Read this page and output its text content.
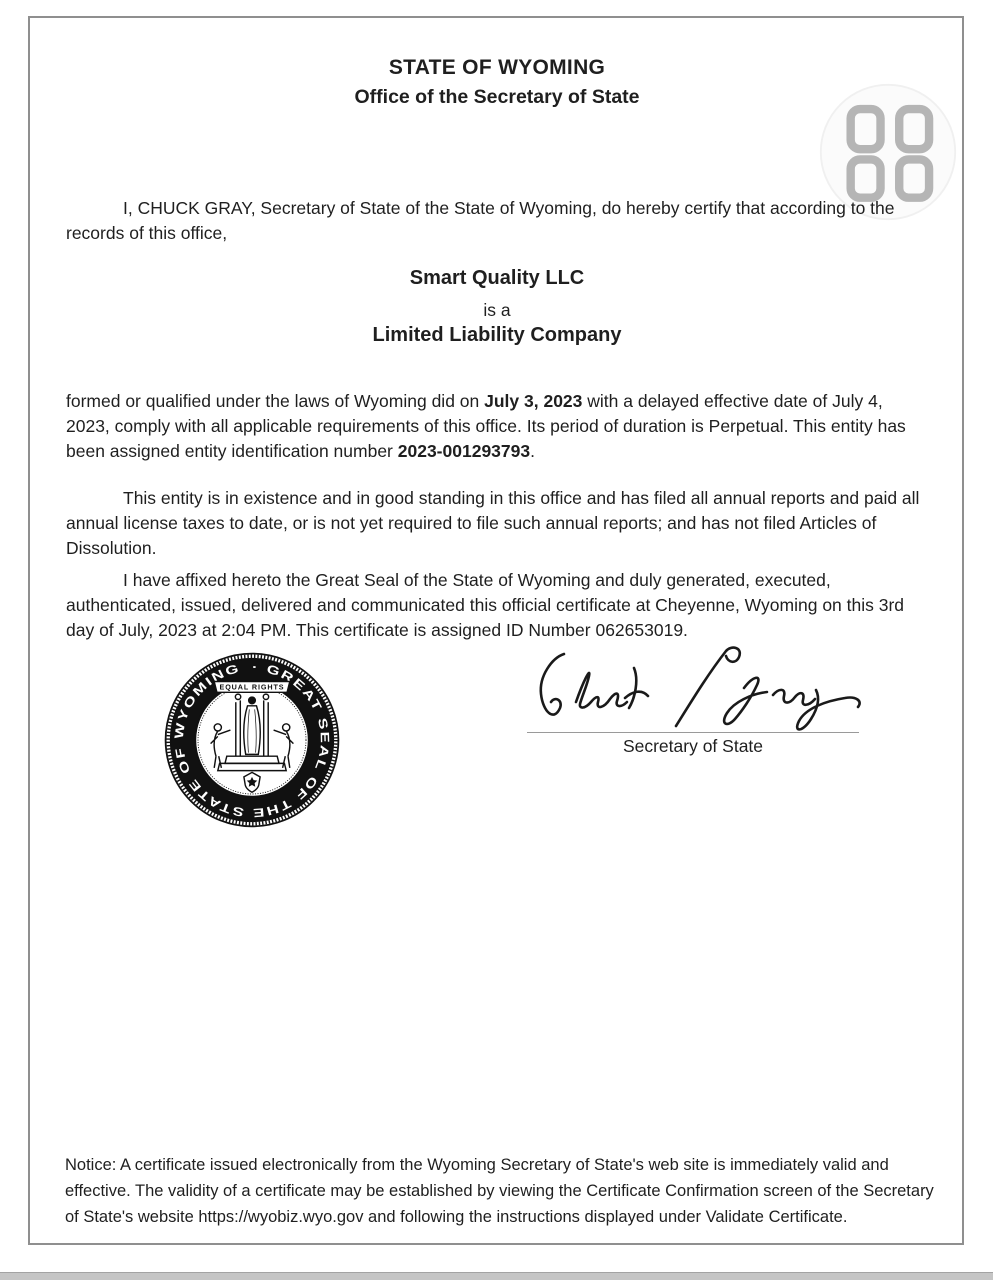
STATE OF WYOMING
Office of the Secretary of State

I, CHUCK GRAY, Secretary of State of the State of Wyoming, do hereby certify that according to the records of this office,

Smart Quality LLC
is a
Limited Liability Company

formed or qualified under the laws of Wyoming did on July 3, 2023 with a delayed effective date of July 4, 2023, comply with all applicable requirements of this office. Its period of duration is Perpetual. This entity has been assigned entity identification number 2023-001293793.

This entity is in existence and in good standing in this office and has filed all annual reports and paid all annual license taxes to date, or is not yet required to file such annual reports; and has not filed Articles of Dissolution.

I have affixed hereto the Great Seal of the State of Wyoming and duly generated, executed, authenticated, issued, delivered and communicated this official certificate at Cheyenne, Wyoming on this 3rd day of July, 2023 at 2:04 PM. This certificate is assigned ID Number 062653019.

· GREAT SEAL OF THE STATE OF WYOMING
EQUAL RIGHTS
Secretary of State

Notice: A certificate issued electronically from the Wyoming Secretary of State's web site is immediately valid and effective. The validity of a certificate may be established by viewing the Certificate Confirmation screen of the Secretary of State's website https://wyobiz.wyo.gov and following the instructions displayed under Validate Certificate.
